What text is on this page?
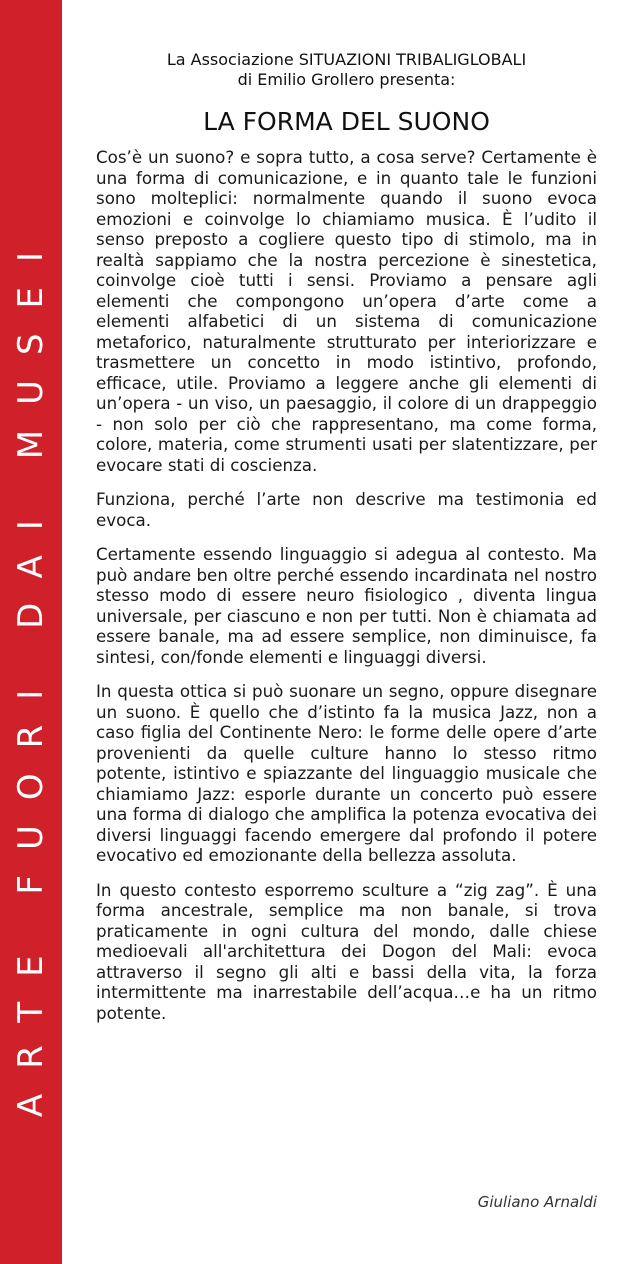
ARTE FUORI DAI MUSEI
La Associazione SITUAZIONI TRIBALIGLOBALI
di Emilio Grollero presenta:
LA FORMA DEL SUONO

Cos’è un suono? e sopra tutto, a cosa serve? Certamente è una forma di comunicazione, e in quanto tale le funzioni sono molteplici: normalmente quando il suono evoca emozioni e coinvolge lo chiamiamo musica. È l’udito il senso preposto a cogliere questo tipo di stimolo, ma in realtà sappiamo che la nostra percezione è sinestetica, coinvolge cioè tutti i sensi. Proviamo a pensare agli elementi che compongono un’opera d’arte come a elementi alfabetici di un sistema di comunicazione metaforico, naturalmente strutturato per interiorizzare e trasmettere un concetto in modo istintivo, profondo, efficace, utile. Proviamo a leggere anche gli elementi di un’opera - un viso, un paesaggio, il colore di un drappeggio - non solo per ciò che rappresentano, ma come forma, colore, materia, come strumenti usati per slatentizzare, per evocare stati di coscienza.

Funziona, perché l’arte non descrive ma testimonia ed evoca.

Certamente essendo linguaggio si adegua al contesto. Ma può andare ben oltre perché essendo incardinata nel nostro stesso modo di essere neuro fisiologico , diventa lingua universale, per ciascuno e non per tutti. Non è chiamata ad essere banale, ma ad essere semplice, non diminuisce, fa sintesi, con/fonde elementi e linguaggi diversi.

In questa ottica si può suonare un segno, oppure disegnare un suono. È quello che d’istinto fa la musica Jazz, non a caso figlia del Continente Nero: le forme delle opere d’arte provenienti da quelle culture hanno lo stesso ritmo potente, istintivo e spiazzante del linguaggio musicale che chiamiamo Jazz: esporle durante un concerto può essere una forma di dialogo che amplifica la potenza evocativa dei diversi linguaggi facendo emergere dal profondo il potere evocativo ed emozionante della bellezza assoluta.

In questo contesto esporremo sculture a “zig zag”. È una forma ancestrale, semplice ma non banale, si trova praticamente in ogni cultura del mondo, dalle chiese medioevali all'architettura dei Dogon del Mali: evoca attraverso il segno gli alti e bassi della vita, la forza intermittente ma inarrestabile dell’acqua…e ha un ritmo potente.

Giuliano Arnaldi
